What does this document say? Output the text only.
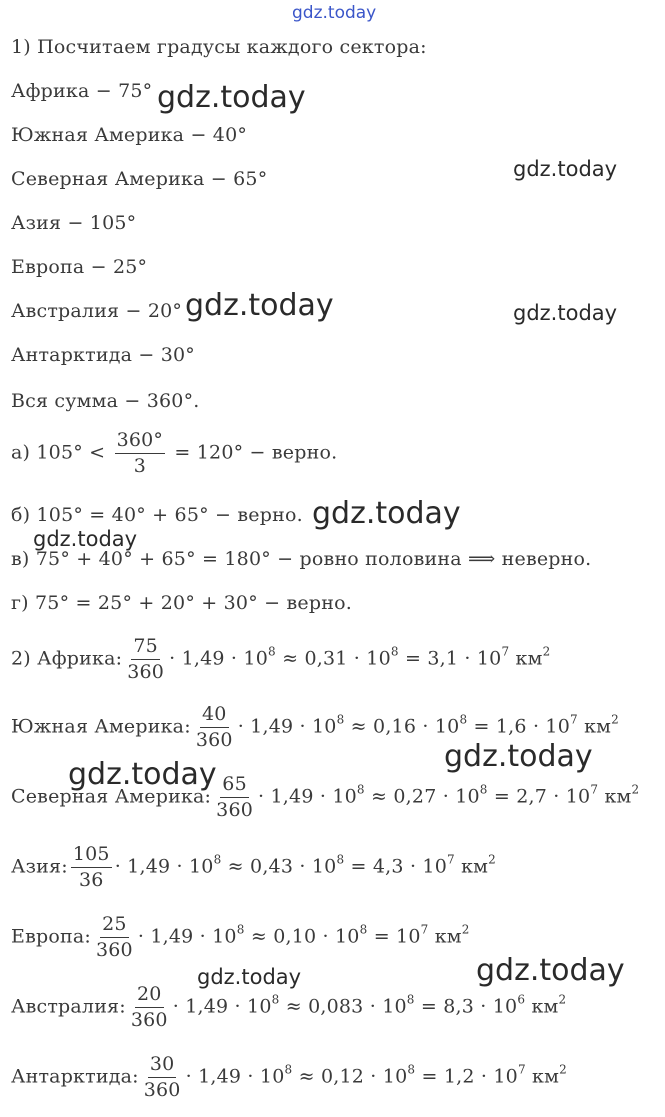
gdz.today
1) Посчитаем градусы каждого сектора:
Африка − 75°
Южная Америка − 40°
Северная Америка − 65°
Азия − 105°
Европа − 25°
Австралия − 20°
Антарктида − 30°
Вся сумма − 360°.
а) $105^\circ < \frac{360^\circ}{3} = 120^\circ$ − верно.
б) 105° = 40° + 65° − верно.
в) 75° + 40° + 65° = 180° − ровно половина ⟹ неверно.
г) 75° = 25° + 20° + 30° − верно.
2) Африка: $\frac{75}{360} \cdot 1,49 \cdot 10^8 \approx 0,31 \cdot 10^8 = 3,1 \cdot 10^7$ $км^2$
Южная Америка: $\frac{40}{360} \cdot 1,49 \cdot 10^8 \approx 0,16 \cdot 10^8 = 1,6 \cdot 10^7$ $км^2$
Северная Америка: $\frac{65}{360} \cdot 1,49 \cdot 10^8 \approx 0,27 \cdot 10^8 = 2,7 \cdot 10^7$ $км^2$
Азия: $\frac{105}{36} \cdot 1,49 \cdot 10^8 \approx 0,43 \cdot 10^8 = 4,3 \cdot 10^7$ $км^2$
Европа: $\frac{25}{360} \cdot 1,49 \cdot 10^8 \approx 0,10 \cdot 10^8 = 10^7$ $км^2$
Австралия: $\frac{20}{360} \cdot 1,49 \cdot 10^8 \approx 0,083 \cdot 10^8 = 8,3 \cdot 10^6$ $км^2$
Антарктида: $\frac{30}{360} \cdot 1,49 \cdot 10^8 \approx 0,12 \cdot 10^8 = 1,2 \cdot 10^7$ $км^2$
gdz.today
gdz.today
gdz.today	gdz.today
gdz.today
gdz.today
gdz.today
gdz.today
gdz.today	gdz.today
